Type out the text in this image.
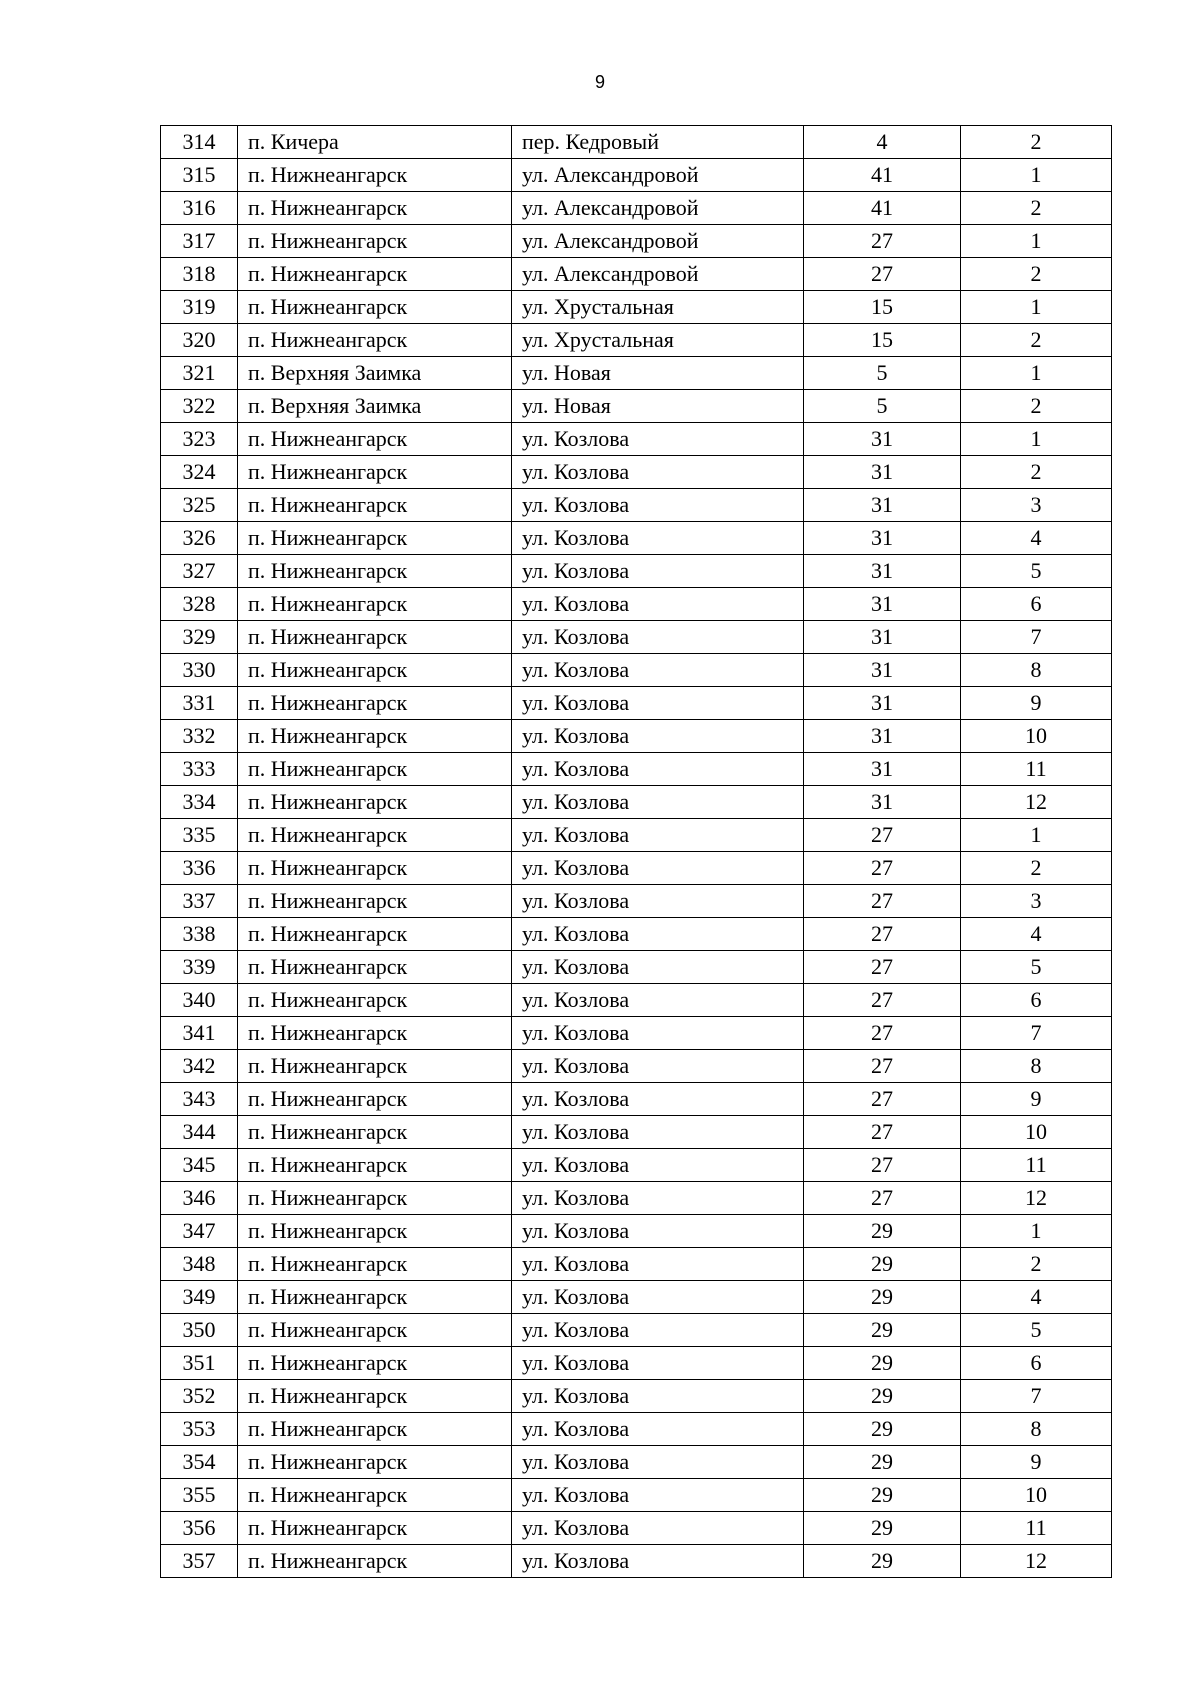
9
314	п. Кичера	пер. Кедровый	4	2
315	п. Нижнеангарск	ул. Александровой	41	1
316	п. Нижнеангарск	ул. Александровой	41	2
317	п. Нижнеангарск	ул. Александровой	27	1
318	п. Нижнеангарск	ул. Александровой	27	2
319	п. Нижнеангарск	ул. Хрустальная	15	1
320	п. Нижнеангарск	ул. Хрустальная	15	2
321	п. Верхняя Заимка	ул. Новая	5	1
322	п. Верхняя Заимка	ул. Новая	5	2
323	п. Нижнеангарск	ул. Козлова	31	1
324	п. Нижнеангарск	ул. Козлова	31	2
325	п. Нижнеангарск	ул. Козлова	31	3
326	п. Нижнеангарск	ул. Козлова	31	4
327	п. Нижнеангарск	ул. Козлова	31	5
328	п. Нижнеангарск	ул. Козлова	31	6
329	п. Нижнеангарск	ул. Козлова	31	7
330	п. Нижнеангарск	ул. Козлова	31	8
331	п. Нижнеангарск	ул. Козлова	31	9
332	п. Нижнеангарск	ул. Козлова	31	10
333	п. Нижнеангарск	ул. Козлова	31	11
334	п. Нижнеангарск	ул. Козлова	31	12
335	п. Нижнеангарск	ул. Козлова	27	1
336	п. Нижнеангарск	ул. Козлова	27	2
337	п. Нижнеангарск	ул. Козлова	27	3
338	п. Нижнеангарск	ул. Козлова	27	4
339	п. Нижнеангарск	ул. Козлова	27	5
340	п. Нижнеангарск	ул. Козлова	27	6
341	п. Нижнеангарск	ул. Козлова	27	7
342	п. Нижнеангарск	ул. Козлова	27	8
343	п. Нижнеангарск	ул. Козлова	27	9
344	п. Нижнеангарск	ул. Козлова	27	10
345	п. Нижнеангарск	ул. Козлова	27	11
346	п. Нижнеангарск	ул. Козлова	27	12
347	п. Нижнеангарск	ул. Козлова	29	1
348	п. Нижнеангарск	ул. Козлова	29	2
349	п. Нижнеангарск	ул. Козлова	29	4
350	п. Нижнеангарск	ул. Козлова	29	5
351	п. Нижнеангарск	ул. Козлова	29	6
352	п. Нижнеангарск	ул. Козлова	29	7
353	п. Нижнеангарск	ул. Козлова	29	8
354	п. Нижнеангарск	ул. Козлова	29	9
355	п. Нижнеангарск	ул. Козлова	29	10
356	п. Нижнеангарск	ул. Козлова	29	11
357	п. Нижнеангарск	ул. Козлова	29	12
